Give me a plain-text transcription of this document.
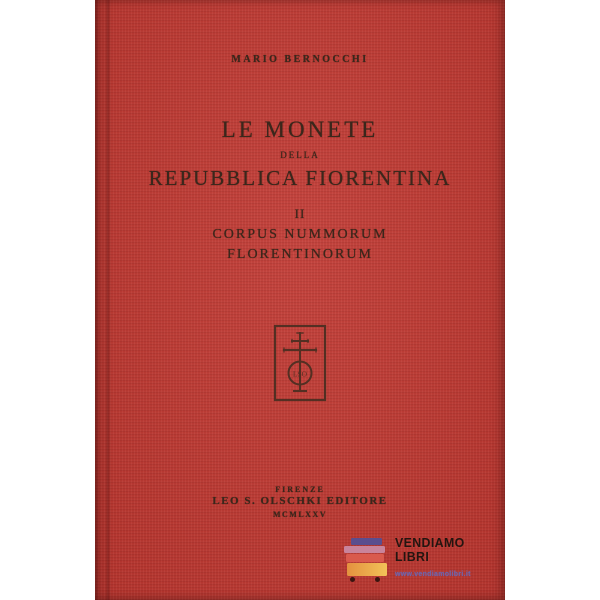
MARIO BERNOCCHI
LE MONETE
DELLA
REPUBBLICA FIORENTINA
II
CORPUS NUMMORUM
FLORENTINORUM
LSO
FIRENZE
LEO S. OLSCHKI EDITORE
MCMLXXV
VENDIAMO
LIBRI
www.vendiamolibri.it
